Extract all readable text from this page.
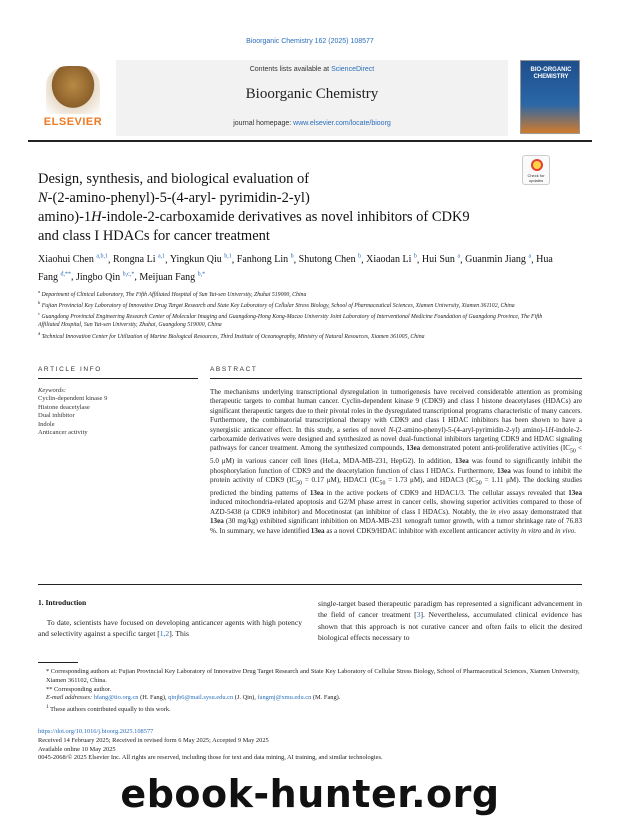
Bioorganic Chemistry 162 (2025) 108577
ELSEVIER
Contents lists available at ScienceDirect
Bioorganic Chemistry
journal homepage: www.elsevier.com/locate/bioorg
BIO-ORGANIC CHEMISTRY
Check for updates
Design, synthesis, and biological evaluation of
N-(2-amino-phenyl)-5-(4-aryl- pyrimidin-2-yl)
amino)-1H-indole-2-carboxamide derivatives as novel inhibitors of CDK9
and class I HDACs for cancer treatment
Xiaohui Chen $^{a,b,1}$, Rongna Li $^{a,1}$, Yingkun Qiu $^{b,1}$, Fanhong Lin $^b$, Shutong Chen $^b$, Xiaodan Li $^b$, Hui Sun $^a$, Guanmin Jiang $^a$, Hua Fang $^{d,**}$, Jingbo Qin $^{b,c,*}$, Meijuan Fang $^{b,*}$
$^a$ Department of Clinical Laboratory, The Fifth Affiliated Hospital of Sun Yat-sen University, Zhuhai 519000, China
$^b$ Fujian Provincial Key Laboratory of Innovative Drug Target Research and State Key Laboratory of Cellular Stress Biology, School of Pharmaceutical Sciences, Xiamen University, Xiamen 361102, China
$^c$ Guangdong Provincial Engineering Research Center of Molecular Imaging and Guangdong-Hong Kong-Macao University Joint Laboratory of Interventional Medicine Foundation of Guangdong Province, The Fifth Affiliated Hospital, Sun Yat-sen University, Zhuhai, Guangdong 519000, China
$^d$ Technical Innovation Center for Utilization of Marine Biological Resources, Third Institute of Oceanography, Ministry of Natural Resources, Xiamen 361005, China
ARTICLE INFO	ABSTRACT
Keywords:
Cyclin-dependent kinase 9
Histone deacetylase
Dual inhibitor
Indole
Anticancer activity
The mechanisms underlying transcriptional dysregulation in tumorigenesis have received considerable attention as promising therapeutic targets to combat human cancer. Cyclin-dependent kinase 9 (CDK9) and class I histone deacetylases (HDACs) are significant therapeutic targets due to their pivotal roles in the dysregulated transcriptional programs characteristic of many cancers. Furthermore, the combinatorial transcriptional therapy with CDK9 and class I HDAC inhibitors has been shown to have a synergistic anticancer effect. In this study, a series of novel N-(2-amino-phenyl)-5-(4-aryl-pyrimidin-2-yl) amino)-1H-indole-2-carboxamide derivatives were designed and synthesized as novel dual-functional inhibitors targeting CDK9 and HDAC signaling pathways for cancer treatment. Among the synthesized compounds, 13ea demonstrated potent anti-proliferative activities ($IC_{50} < 5.0$ μM) in various cancer cell lines (HeLa, MDA-MB-231, HepG2). In addition, 13ea was found to significantly inhibit the phosphorylation function of CDK9 and the deacetylation function of class I HDACs. Furthermore, 13ea was found to inhibit the protein activity of CDK9 ($IC_{50} = 0.17$ μM), HDAC1 ($IC_{50} = 1.73$ μM), and HDAC3 ($IC_{50} = 1.11$ μM). The docking studies predicted the binding patterns of 13ea in the active pockets of CDK9 and HDAC1/3. The cellular assays revealed that 13ea induced mitochondria-related apoptosis and G2/M phase arrest in cancer cells, showing superior activities compared to those of AZD-5438 (a CDK9 inhibitor) and Mocetinostat (an inhibitor of class I HDACs). Notably, the in vivo assay demonstrated that 13ea (30 mg/kg) exhibited significant inhibition on MDA-MB-231 xenograft tumor growth, with a tumor shrinkage rate of 76.83 %. In summary, we have identified 13ea as a novel CDK9/HDAC inhibitor with excellent anticancer activity in vitro and in vivo.
1. Introduction
To date, scientists have focused on developing anticancer agents with high potency and selectivity against a specific target [1,2]. This
single-target based therapeutic paradigm has represented a significant advancement in the field of cancer treatment [3]. Nevertheless, accumulated clinical evidence has shown that this approach is not curative cancer and often fails to elicit the desired biological effects necessary to
* Corresponding authors at: Fujian Provincial Key Laboratory of Innovative Drug Target Research and State Key Laboratory of Cellular Stress Biology, School of Pharmaceutical Sciences, Xiamen University, Xiamen 361102, China.
** Corresponding author.
E-mail addresses: hfang@tio.org.cn (H. Fang), qinjb6@mail.sysu.edu.cn (J. Qin), fangmj@xmu.edu.cn (M. Fang).
$^1$ These authors contributed equally to this work.
https://doi.org/10.1016/j.bioorg.2025.108577
Received 14 February 2025; Received in revised form 6 May 2025; Accepted 9 May 2025
Available online 10 May 2025
0045-2068/© 2025 Elsevier Inc. All rights are reserved, including those for text and data mining, AI training, and similar technologies.
ebook-hunter.org
